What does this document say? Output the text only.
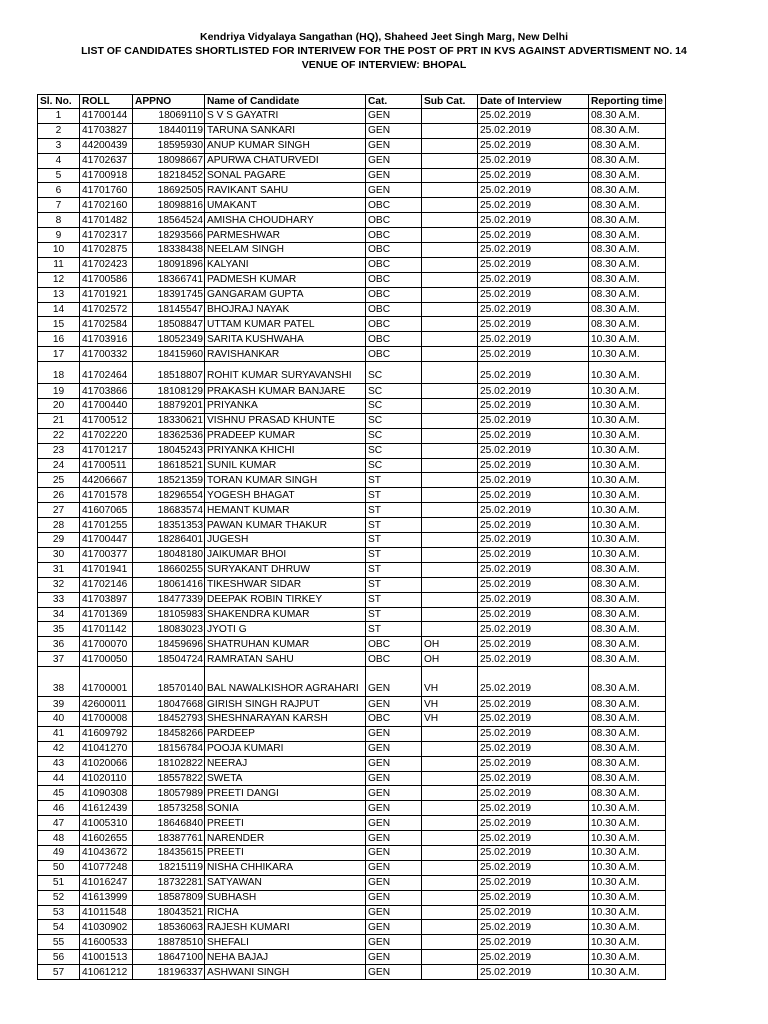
Kendriya Vidyalaya Sangathan (HQ), Shaheed Jeet Singh Marg, New Delhi
LIST OF CANDIDATES SHORTLISTED FOR INTERIVEW FOR THE POST OF PRT IN KVS AGAINST ADVERTISMENT NO. 14
VENUE OF INTERVIEW: BHOPAL
Sl. No.	ROLL	APPNO	Name of Candidate	Cat.	Sub Cat.	Date of Interview	Reporting time
1	41700144	18069110	S V S GAYATRI	GEN		25.02.2019	08.30 A.M.
2	41703827	18440119	TARUNA SANKARI	GEN		25.02.2019	08.30 A.M.
3	44200439	18595930	ANUP KUMAR SINGH	GEN		25.02.2019	08.30 A.M.
4	41702637	18098667	APURWA CHATURVEDI	GEN		25.02.2019	08.30 A.M.
5	41700918	18218452	SONAL PAGARE	GEN		25.02.2019	08.30 A.M.
6	41701760	18692505	RAVIKANT SAHU	GEN		25.02.2019	08.30 A.M.
7	41702160	18098816	UMAKANT	OBC		25.02.2019	08.30 A.M.
8	41701482	18564524	AMISHA CHOUDHARY	OBC		25.02.2019	08.30 A.M.
9	41702317	18293566	PARMESHWAR	OBC		25.02.2019	08.30 A.M.
10	41702875	18338438	NEELAM SINGH	OBC		25.02.2019	08.30 A.M.
11	41702423	18091896	KALYANI	OBC		25.02.2019	08.30 A.M.
12	41700586	18366741	PADMESH KUMAR	OBC		25.02.2019	08.30 A.M.
13	41701921	18391745	GANGARAM GUPTA	OBC		25.02.2019	08.30 A.M.
14	41702572	18145547	BHOJRAJ NAYAK	OBC		25.02.2019	08.30 A.M.
15	41702584	18508847	UTTAM KUMAR PATEL	OBC		25.02.2019	08.30 A.M.
16	41703916	18052349	SARITA KUSHWAHA	OBC		25.02.2019	10.30 A.M.
17	41700332	18415960	RAVISHANKAR	OBC		25.02.2019	10.30 A.M.
18	41702464	18518807	ROHIT KUMAR SURYAVANSHI	SC		25.02.2019	10.30 A.M.
19	41703866	18108129	PRAKASH KUMAR BANJARE	SC		25.02.2019	10.30 A.M.
20	41700440	18879201	PRIYANKA	SC		25.02.2019	10.30 A.M.
21	41700512	18330621	VISHNU PRASAD KHUNTE	SC		25.02.2019	10.30 A.M.
22	41702220	18362536	PRADEEP KUMAR	SC		25.02.2019	10.30 A.M.
23	41701217	18045243	PRIYANKA KHICHI	SC		25.02.2019	10.30 A.M.
24	41700511	18618521	SUNIL KUMAR	SC		25.02.2019	10.30 A.M.
25	44206667	18521359	TORAN KUMAR SINGH	ST		25.02.2019	10.30 A.M.
26	41701578	18296554	YOGESH BHAGAT	ST		25.02.2019	10.30 A.M.
27	41607065	18683574	HEMANT KUMAR	ST		25.02.2019	10.30 A.M.
28	41701255	18351353	PAWAN KUMAR THAKUR	ST		25.02.2019	10.30 A.M.
29	41700447	18286401	JUGESH	ST		25.02.2019	10.30 A.M.
30	41700377	18048180	JAIKUMAR BHOI	ST		25.02.2019	10.30 A.M.
31	41701941	18660255	SURYAKANT DHRUW	ST		25.02.2019	08.30 A.M.
32	41702146	18061416	TIKESHWAR SIDAR	ST		25.02.2019	08.30 A.M.
33	41703897	18477339	DEEPAK ROBIN TIRKEY	ST		25.02.2019	08.30 A.M.
34	41701369	18105983	SHAKENDRA KUMAR	ST		25.02.2019	08.30 A.M.
35	41701142	18083023	JYOTI G	ST		25.02.2019	08.30 A.M.
36	41700070	18459696	SHATRUHAN KUMAR	OBC	OH	25.02.2019	08.30 A.M.
37	41700050	18504724	RAMRATAN SAHU	OBC	OH	25.02.2019	08.30 A.M.
38	41700001	18570140	BAL NAWALKISHOR AGRAHARI	GEN	VH	25.02.2019	08.30 A.M.
39	42600011	18047668	GIRISH SINGH RAJPUT	GEN	VH	25.02.2019	08.30 A.M.
40	41700008	18452793	SHESHNARAYAN KARSH	OBC	VH	25.02.2019	08.30 A.M.
41	41609792	18458266	PARDEEP	GEN		25.02.2019	08.30 A.M.
42	41041270	18156784	POOJA KUMARI	GEN		25.02.2019	08.30 A.M.
43	41020066	18102822	NEERAJ	GEN		25.02.2019	08.30 A.M.
44	41020110	18557822	SWETA	GEN		25.02.2019	08.30 A.M.
45	41090308	18057989	PREETI DANGI	GEN		25.02.2019	08.30 A.M.
46	41612439	18573258	SONIA	GEN		25.02.2019	10.30 A.M.
47	41005310	18646840	PREETI	GEN		25.02.2019	10.30 A.M.
48	41602655	18387761	NARENDER	GEN		25.02.2019	10.30 A.M.
49	41043672	18435615	PREETI	GEN		25.02.2019	10.30 A.M.
50	41077248	18215119	NISHA CHHIKARA	GEN		25.02.2019	10.30 A.M.
51	41016247	18732281	SATYAWAN	GEN		25.02.2019	10.30 A.M.
52	41613999	18587809	SUBHASH	GEN		25.02.2019	10.30 A.M.
53	41011548	18043521	RICHA	GEN		25.02.2019	10.30 A.M.
54	41030902	18536063	RAJESH KUMARI	GEN		25.02.2019	10.30 A.M.
55	41600533	18878510	SHEFALI	GEN		25.02.2019	10.30 A.M.
56	41001513	18647100	NEHA BAJAJ	GEN		25.02.2019	10.30 A.M.
57	41061212	18196337	ASHWANI SINGH	GEN		25.02.2019	10.30 A.M.
